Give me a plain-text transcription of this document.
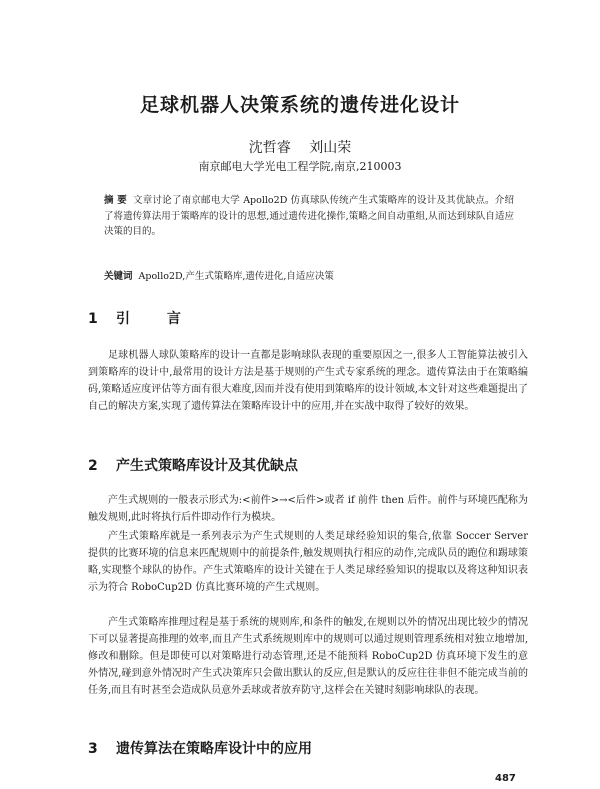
足球机器人决策系统的遗传进化设计
沈哲睿 刘山荣
南京邮电大学光电工程学院,南京,210003
摘 要 文章讨论了南京邮电大学 Apollo2D 仿真球队传统产生式策略库的设计及其优缺点。介绍了将遗传算法用于策略库的设计的思想,通过遗传进化操作,策略之间自动重组,从而达到球队自适应决策的目的。
关键词 Apollo2D,产生式策略库,遗传进化,自适应决策
1 引 言
足球机器人球队策略库的设计一直都是影响球队表现的重要原因之一,很多人工智能算法被引入到策略库的设计中,最常用的设计方法是基于规则的产生式专家系统的理念。遗传算法由于在策略编码,策略适应度评估等方面有很大难度,因而并没有使用到策略库的设计领域,本文针对这些难题提出了自己的解决方案,实现了遗传算法在策略库设计中的应用,并在实战中取得了较好的效果。
2 产生式策略库设计及其优缺点
产生式规则的一般表示形式为:<前件>→<后件>或者 if 前件 then 后件。前件与环境匹配称为触发规则,此时将执行后件即动作行为模块。
产生式策略库就是一系列表示为产生式规则的人类足球经验知识的集合,依靠 Soccer Server 提供的比赛环境的信息来匹配规则中的前提条件,触发规则执行相应的动作,完成队员的跑位和踢球策略,实现整个球队的协作。产生式策略库的设计关键在于人类足球经验知识的提取以及将这种知识表示为符合 RoboCup2D 仿真比赛环境的产生式规则。
产生式策略库推理过程是基于系统的规则库,和条件的触发,在规则以外的情况出现比较少的情况下可以显著提高推理的效率,而且产生式系统规则库中的规则可以通过规则管理系统相对独立地增加,修改和删除。但是即使可以对策略进行动态管理,还是不能预料 RoboCup2D 仿真环境下发生的意外情况,碰到意外情况时产生式决策库只会做出默认的反应,但是默认的反应往往非但不能完成当前的任务,而且有时甚至会造成队员意外丢球或者放弃防守,这样会在关键时刻影响球队的表现。
3 遗传算法在策略库设计中的应用
487
